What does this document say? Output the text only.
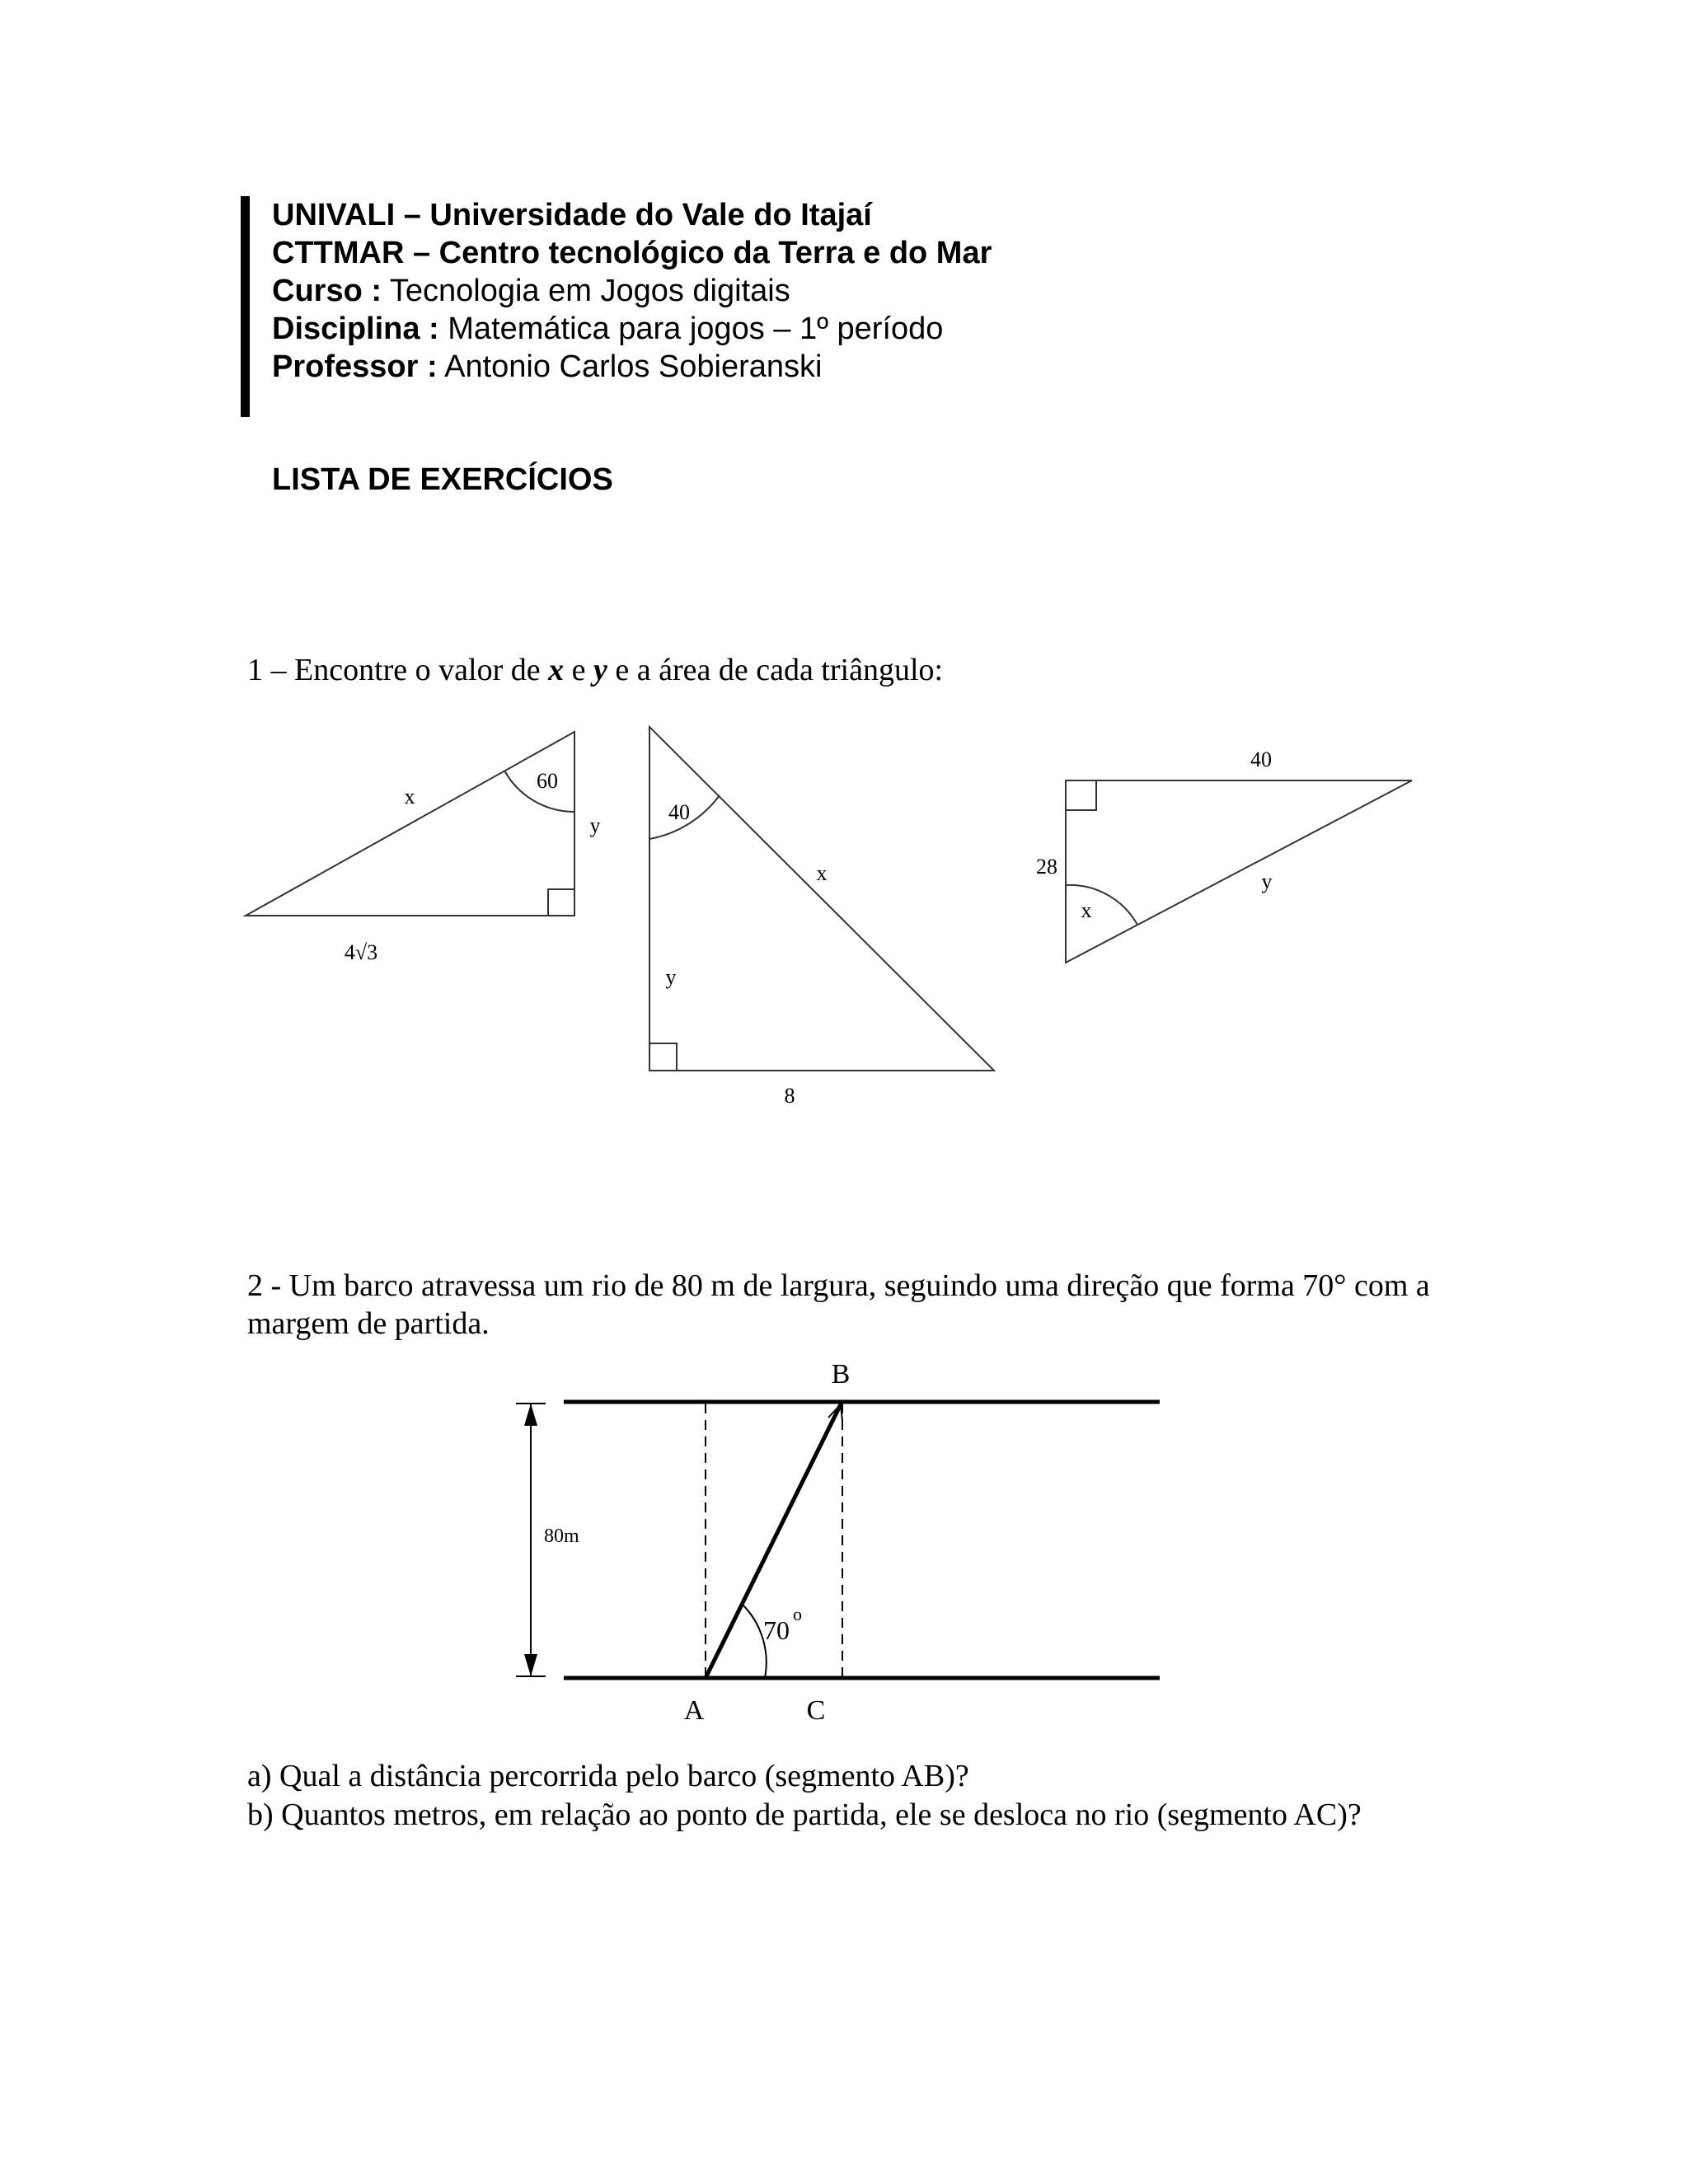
UNIVALI – Universidade do Vale do Itajaí
CTTMAR – Centro tecnológico da Terra e do Mar
Curso : Tecnologia em Jogos digitais
Disciplina : Matemática para jogos – 1º período
Professor : Antonio Carlos Sobieranski
LISTA DE EXERCÍCIOS
1 – Encontre o valor de x e y e a área de cada triângulo:
x
60
y
4√3
40
x
y
8
40
28
x
y
B
A	C
80m
70
o
2 - Um barco atravessa um rio de 80 m de largura, seguindo uma direção que forma 70° com a margem de partida.
a) Qual a distância percorrida pelo barco (segmento AB)?
b) Quantos metros, em relação ao ponto de partida, ele se desloca no rio (segmento AC)?
